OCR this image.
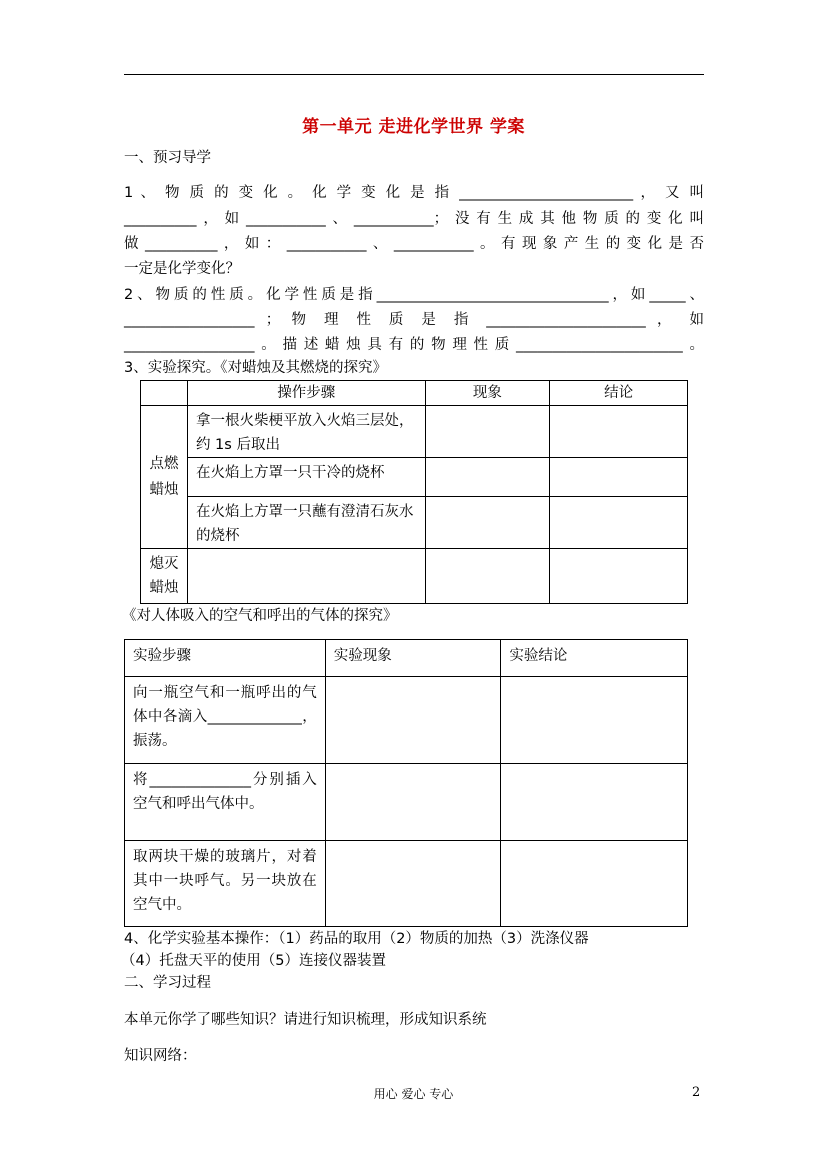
第一单元 走进化学世界 学案
一、预习导学
1 、 物 质 的 变 化 。 化 学 变 化 是 指 ________________________ ， 又 叫
__________，如___________、___________；没有生成其他物质的变化叫
做__________，如：___________、___________。有现象产生的变化是否
一定是化学变化？
2、物质的性质。化学性质是指________________________________，如_____、
__________________ ； 物 理 性 质 是 指 ______________________ ， 如
__________________。描述蜡烛具有的物理性质_______________________。
3、实验探究。《对蜡烛及其燃烧的探究》
	操作步骤	现象	结论

点燃蜡烛	拿一根火柴梗平放入火焰三层处，约 1s 后取出		
	在火焰上方罩一只干冷的烧杯		
	在火焰上方罩一只蘸有澄清石灰水的烧杯		

熄灭蜡烛			

《对人体吸入的空气和呼出的气体的探究》
实验步骤	实验现象	实验结论
向一瓶空气和一瓶呼出的气体中各滴入_____________，振荡。		
将______________分别插入空气和呼出气体中。		
取两块干燥的玻璃片，对着其中一块呼气。另一块放在空气中。		
4、化学实验基本操作：（1）药品的取用（2）物质的加热（3）洗涤仪器
（4）托盘天平的使用（5）连接仪器装置
二、学习过程
本单元你学了哪些知识？请进行知识梳理，形成知识系统
知识网络：
用心 爱心 专心	2
